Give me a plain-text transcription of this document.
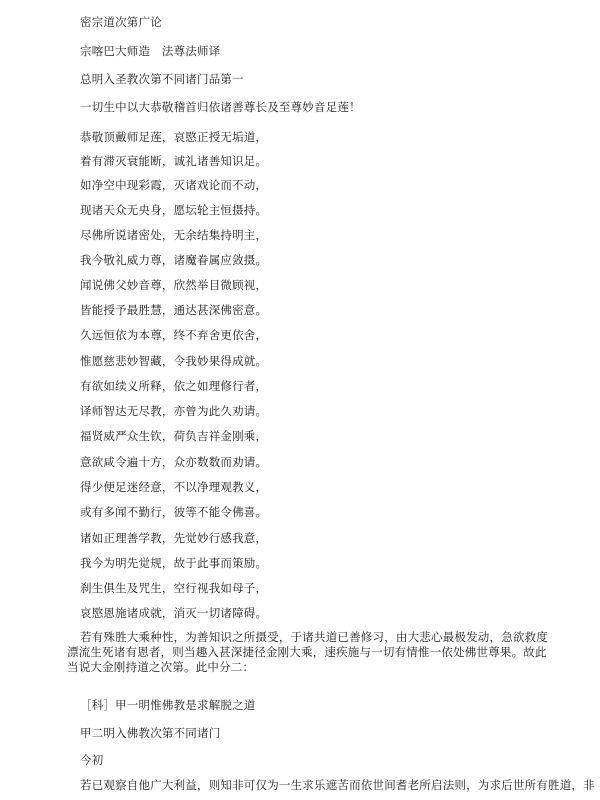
密宗道次第广论
宗喀巴大师造　法尊法师译
总明入圣教次第不同诸门品第一
一切生中以大恭敬稽首归依诸善尊长及至尊妙音足莲！
恭敬顶戴师足莲，哀愍正授无垢道，
着有滞灭衰能断，诚礼诸善知识足。
如净空中现彩霞，灭诸戏论而不动，
现诸天众无央身，愿坛轮主恒摄持。
尽佛所说诸密处，无余结集持明主，
我今敬礼威力尊，诸魔眷属应敛摄。
闻说佛父妙音尊，欣然举目微顾视，
皆能授予最胜慧，通达甚深佛密意。
久远恒依为本尊，终不弃舍更依舍，
惟愿慈悲妙智藏，令我妙果得成就。
有欲如续义所释，依之如理修行者，
译师智达无尽教，亦曾为此久劝请。
福贤威严众生钦，荷负吉祥金刚乘，
意欲咸令遍十方，众亦数数而劝请。
得少便足迷经意，不以净理观教义，
或有多闻不勤行，彼等不能令佛喜。
诸如正理善学教，先觉妙行感我意，
我今为明先觉规，故于此事而策励。
刹生俱生及咒生，空行视我如母子，
哀愍恩施诸成就，消灭一切诸障碍。
若有殊胜大乘种性，为善知识之所摄受，于诸共道已善修习，由大悲心最极发动，急欲救度漂流生死诸有恩者，则当趣入甚深捷径金刚大乘，速疾施与一切有情惟一依处佛世尊果。故此当说大金刚持道之次第。此中分二：
［科］甲一明惟佛教是求解脱之道
甲二明入佛教次第不同诸门
今初
若已观察自他广大利益，则知非可仅为一生求乐遮苦而依世间耆老所启法则，为求后世所有胜道，非
